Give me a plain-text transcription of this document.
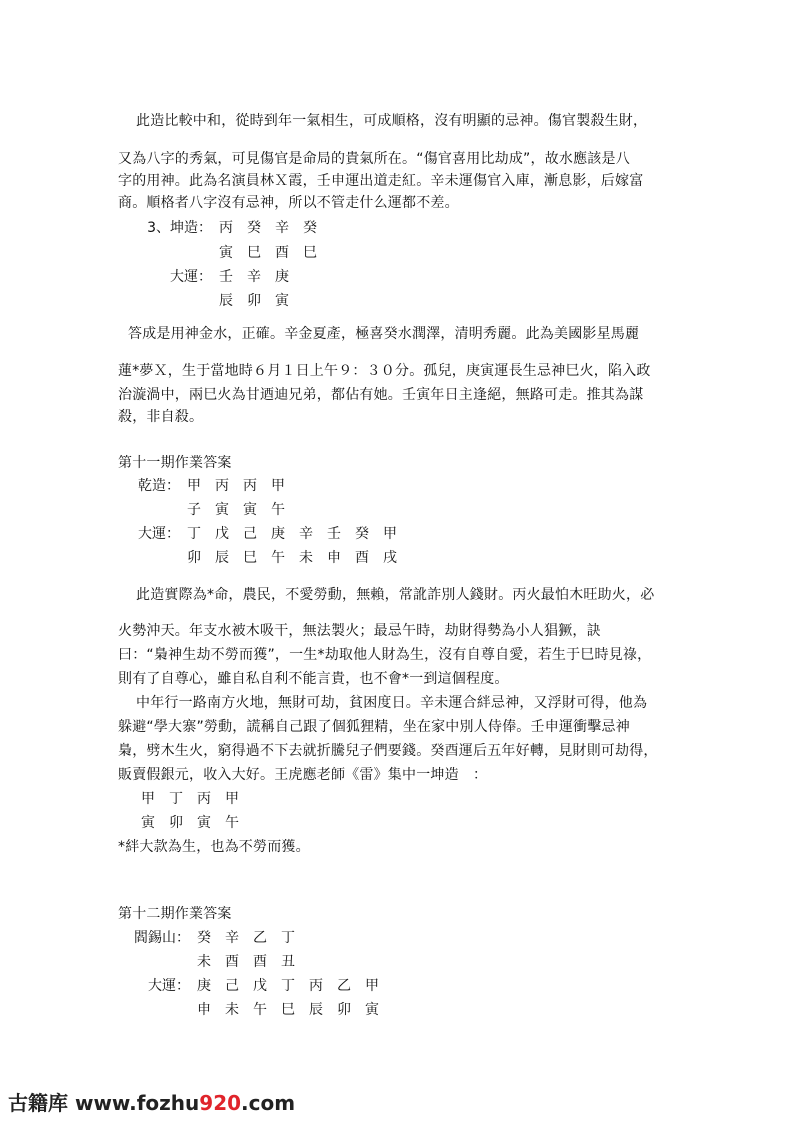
此造比較中和，從時到年一氣相生，可成順格，沒有明顯的忌神。傷官製殺生財，
又為八字的秀氣，可見傷官是命局的貴氣所在。“傷官喜用比劫成”，故水應該是八
字的用神。此為名演員林Ｘ霞，壬申運出道走紅。辛未運傷官入庫，漸息影，后嫁富
商。順格者八字沒有忌神，所以不管走什么運都不差。
3、坤造： 丙 癸 辛 癸
寅 巳 酉 巳
大運： 壬 辛 庚
辰 卯 寅
答成是用神金水，正確。辛金夏產，極喜癸水潤澤，清明秀麗。此為美國影星馬麗
蓮*夢Ｘ，生于當地時６月１日上午９：３０分。孤兒，庚寅運長生忌神巳火，陷入政
治漩渦中，兩巳火為甘迺迪兄弟，都佔有她。壬寅年日主逢絕，無路可走。推其為謀
殺，非自殺。
第十一期作業答案
乾造： 甲 丙 丙 甲
子 寅 寅 午
大運： 丁 戊 己 庚 辛 壬 癸 甲
卯 辰 巳 午 未 申 酉 戌
此造實際為*命，農民，不愛勞動，無賴，常訛詐別人錢財。丙火最怕木旺助火，必
火勢沖天。年支水被木吸干，無法製火；最忌午時，劫財得勢為小人猖獗，訣
曰：“梟神生劫不勞而獲”，一生*劫取他人財為生，沒有自尊自愛，若生于巳時見祿，
則有了自尊心，雖自私自利不能言貴，也不會*一到這個程度。
中年行一路南方火地，無財可劫，貧困度日。辛未運合絆忌神，又浮財可得，他為
躲避“學大寨”勞動，謊稱自己跟了個狐狸精，坐在家中別人侍俸。壬申運衝擊忌神
梟，劈木生火，窮得過不下去就折騰兒子們要錢。癸酉運后五年好轉，見財則可劫得，
販賣假銀元，收入大好。王虎應老師《雷》集中一坤造　：
甲 丁 丙 甲
寅 卯 寅 午
*絆大款為生，也為不勞而獲。
第十二期作業答案
閻錫山： 癸 辛 乙 丁
未 酉 酉 丑
大運： 庚 己 戊 丁 丙 乙 甲
申 未 午 巳 辰 卯 寅
古籍库 www.fozhu920.com
